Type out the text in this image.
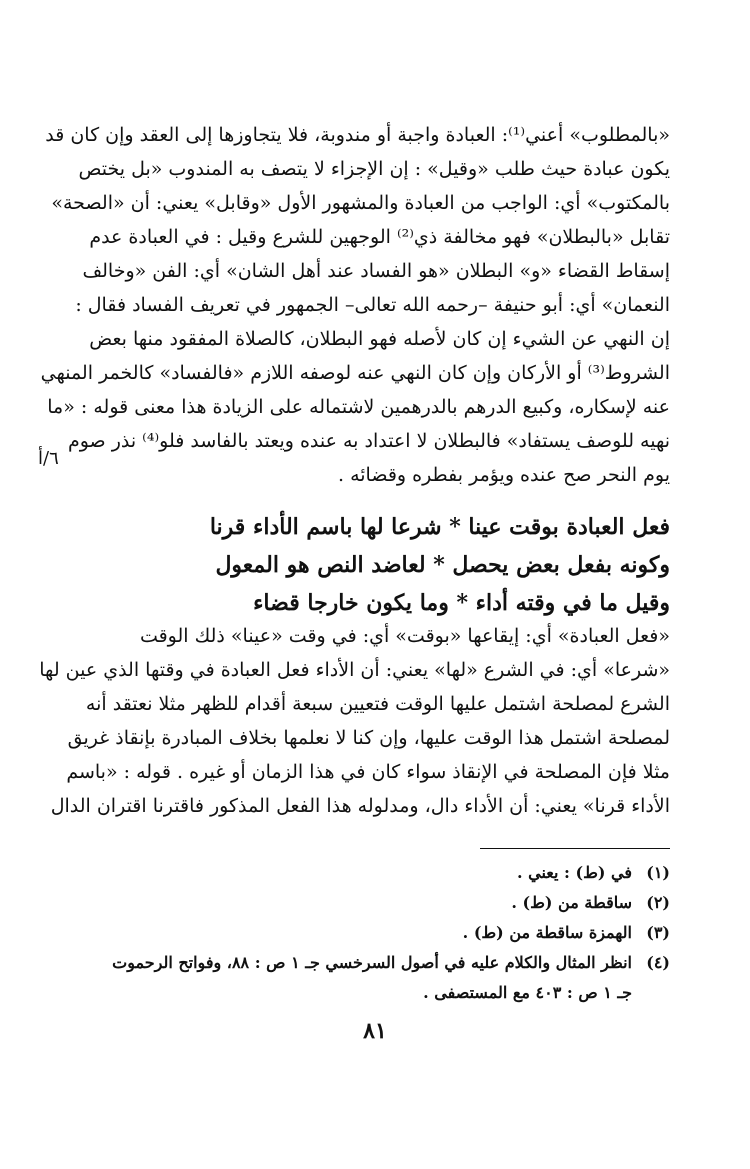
«بالمطلوب» أعني⁽¹⁾: العبادة واجبة أو مندوبة، فلا يتجاوزها إلى العقد وإن كان قد
يكون عبادة حيث طلب «وقيل» : إن الإجزاء لا يتصف به المندوب «بل يختص
بالمكتوب» أي: الواجب من العبادة والمشهور الأول «وقابل» يعني: أن «الصحة»
تقابل «بالبطلان» فهو مخالفة ذي⁽²⁾ الوجهين للشرع وقيل : في العبادة عدم
إسقاط القضاء «و» البطلان «هو الفساد عند أهل الشان» أي: الفن «وخالف
النعمان» أي: أبو حنيفة –رحمه الله تعالى– الجمهور في تعريف الفساد فقال :
إن النهي عن الشيء إن كان لأصله فهو البطلان، كالصلاة المفقود منها بعض
الشروط⁽³⁾ أو الأركان وإن كان النهي عنه لوصفه اللازم «فالفساد» كالخمر المنهي
عنه لإسكاره، وكبيع الدرهم بالدرهمين لاشتماله على الزيادة هذا معنى قوله : «ما
نهيه للوصف يستفاد» فالبطلان لا اعتداد به عنده ويعتد بالفاسد فلو⁽⁴⁾ نذر صوم
يوم النحر صح عنده ويؤمر بفطره وقضائه .
٦/أ
فعل العبادة بوقت عينا * شرعا لها باسم الأداء قرنا
وكونه بفعل بعض يحصل * لعاضد النص هو المعول
وقيل ما في وقته أداء * وما يكون خارجا قضاء
«فعل العبادة» أي: إيقاعها «بوقت» أي: في وقت «عينا» ذلك الوقت
«شرعا» أي: في الشرع «لها» يعني: أن الأداء فعل العبادة في وقتها الذي عين لها
الشرع لمصلحة اشتمل عليها الوقت فتعيين سبعة أقدام للظهر مثلا نعتقد أنه
لمصلحة اشتمل هذا الوقت عليها، وإن كنا لا نعلمها بخلاف المبادرة بإنقاذ غريق
مثلا فإن المصلحة في الإنقاذ سواء كان في هذا الزمان أو غيره . قوله : «باسم
الأداء قرنا» يعني: أن الأداء دال، ومدلوله هذا الفعل المذكور فاقترنا اقتران الدال
(١)
في (ط) : يعني .
(٢)
ساقطة من (ط) .
(٣)
الهمزة ساقطة من (ط) .
(٤)
انظر المثال والكلام عليه في أصول السرخسي جـ ١ ص : ٨٨، وفواتح الرحموت
جـ ١ ص : ٤٠٣ مع المستصفى .
٨١
